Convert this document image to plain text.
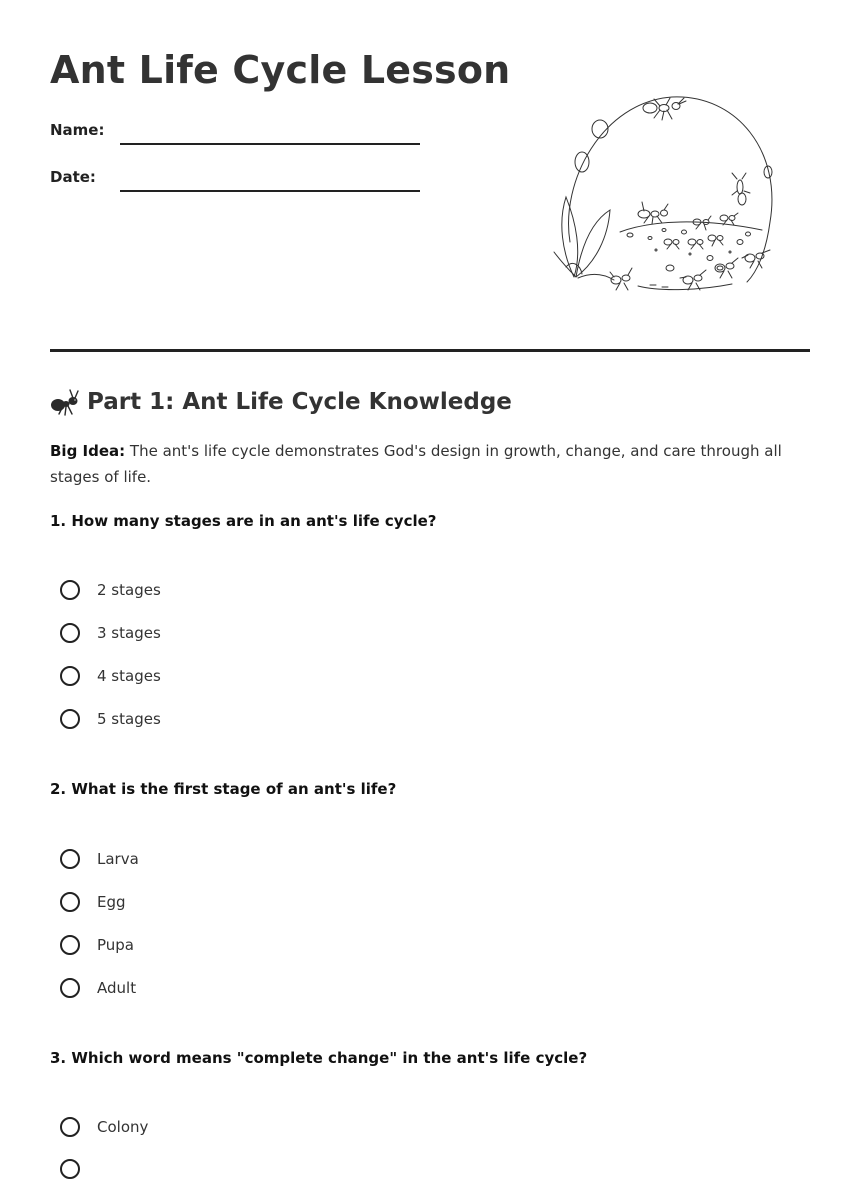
Ant Life Cycle Lesson
Name:
Date:
Part 1: Ant Life Cycle Knowledge
Big Idea: The ant's life cycle demonstrates God's design in growth, change, and care through all stages of life.
1. How many stages are in an ant's life cycle?
2 stages
3 stages
4 stages
5 stages
2. What is the first stage of an ant's life?
Larva
Egg
Pupa
Adult
3. Which word means "complete change" in the ant's life cycle?
Colony
